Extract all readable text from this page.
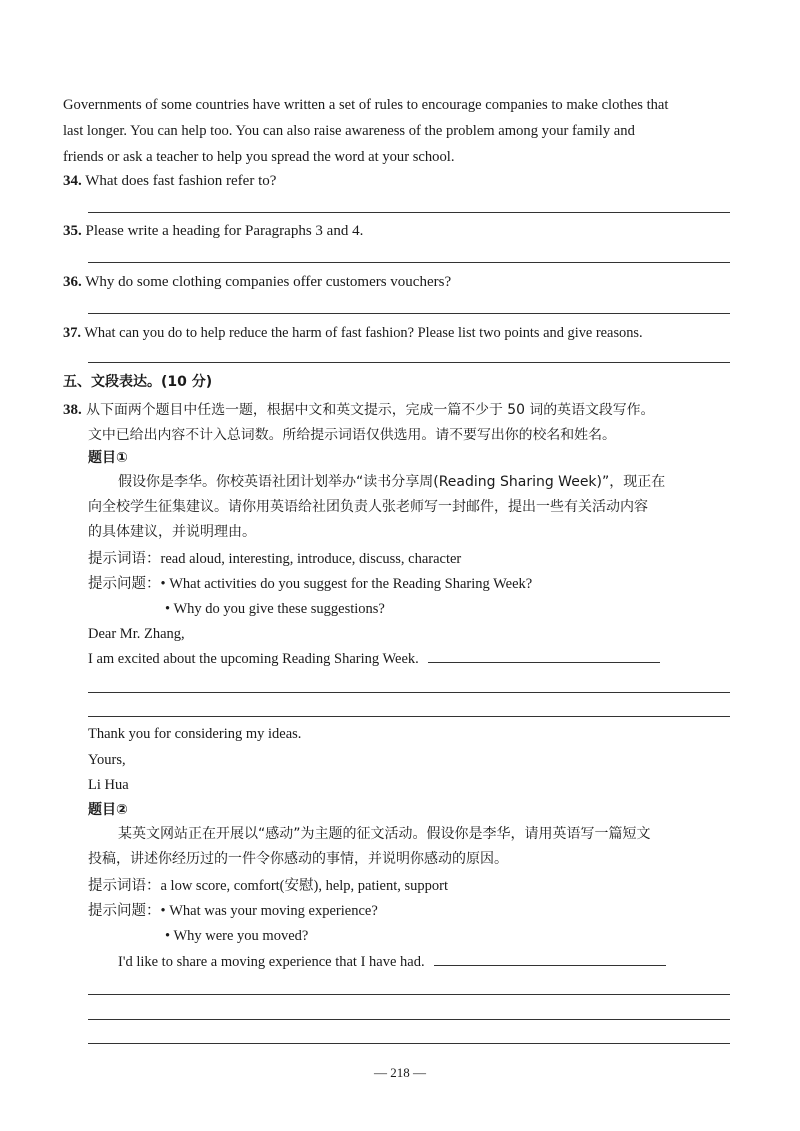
Governments of some countries have written a set of rules to encourage companies to make clothes that
last longer. You can help too. You can also raise awareness of the problem among your family and
friends or ask a teacher to help you spread the word at your school.
34. What does fast fashion refer to?
35. Please write a heading for Paragraphs 3 and 4.
36. Why do some clothing companies offer customers vouchers?
37. What can you do to help reduce the harm of fast fashion? Please list two points and give reasons.
五、文段表达。(10 分)
38. 从下面两个题目中任选一题，根据中文和英文提示，完成一篇不少于 50 词的英语文段写作。
文中已给出内容不计入总词数。所给提示词语仅供选用。请不要写出你的校名和姓名。
题目①
假设你是李华。你校英语社团计划举办“读书分享周(Reading Sharing Week)”，现正在
向全校学生征集建议。请你用英语给社团负责人张老师写一封邮件，提出一些有关活动内容
的具体建议，并说明理由。
提示词语：read aloud, interesting, introduce, discuss, character
提示问题：• What activities do you suggest for the Reading Sharing Week?
• Why do you give these suggestions?
Dear Mr. Zhang,
I am excited about the upcoming Reading Sharing Week.
Thank you for considering my ideas.
Yours,
Li Hua
题目②
某英文网站正在开展以“感动”为主题的征文活动。假设你是李华，请用英语写一篇短文
投稿，讲述你经历过的一件令你感动的事情，并说明你感动的原因。
提示词语：a low score, comfort(安慰), help, patient, support
提示问题：• What was your moving experience?
• Why were you moved?
I'd like to share a moving experience that I have had.
— 218 —
